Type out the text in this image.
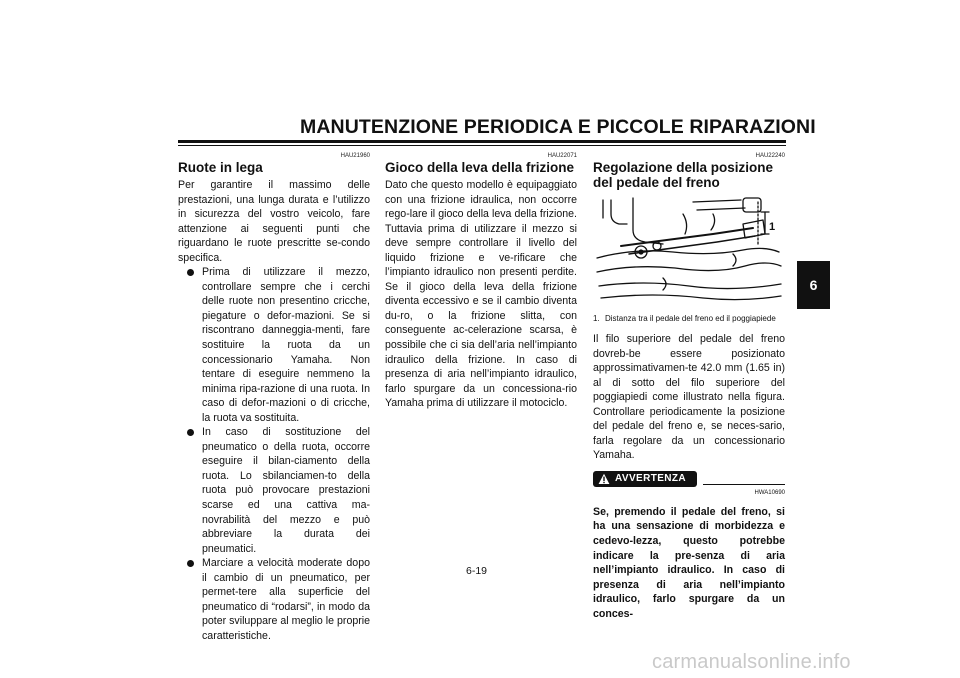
MANUTENZIONE PERIODICA E PICCOLE RIPARAZIONI
HAU21960
Ruote in lega

Per garantire il massimo delle prestazioni, una lunga durata e l’utilizzo in sicurezza del vostro veicolo, fare attenzione ai seguenti punti che riguardano le ruote prescritte se-condo specifica.

Prima di utilizzare il mezzo, controllare sempre che i cerchi delle ruote non presentino cricche, piegature o defor-mazioni. Se si riscontrano danneggia-menti, fare sostituire la ruota da un concessionario Yamaha. Non tentare di eseguire nemmeno la minima ripa-razione di una ruota. In caso di defor-mazioni o di cricche, la ruota va sostituita.
In caso di sostituzione del pneumatico o della ruota, occorre eseguire il bilan-ciamento della ruota. Lo sbilanciamen-to della ruota può provocare prestazioni scarse ed una cattiva ma-novrabilità del mezzo e può abbreviare la durata dei pneumatici.
Marciare a velocità moderate dopo il cambio di un pneumatico, per permet-tere alla superficie del pneumatico di “rodarsi”, in modo da poter sviluppare al meglio le proprie caratteristiche.
HAU22071
Gioco della leva della frizione

Dato che questo modello è equipaggiato con una frizione idraulica, non occorre rego-lare il gioco della leva della frizione. Tuttavia prima di utilizzare il mezzo si deve sempre controllare il livello del liquido frizione e ve-rificare che l’impianto idraulico non presenti perdite. Se il gioco della leva della frizione diventa eccessivo e se il cambio diventa du-ro, o la frizione slitta, con conseguente ac-celerazione scarsa, è possibile che ci sia dell’aria nell’impianto idraulico della frizione. In caso di presenza di aria nell’impianto idraulico, farlo spurgare da un concessiona-rio Yamaha prima di utilizzare il motociclo.

HAU22240
Regolazione della posizione del pedale del freno
1
1. Distanza tra il pedale del freno ed il poggiapiede

Il filo superiore del pedale del freno dovreb-be essere posizionato approssimativamen-te 42.0 mm (1.65 in) al di sotto del filo superiore del poggiapiedi come illustrato nella figura. Controllare periodicamente la posizione del pedale del freno e, se neces-sario, farla regolare da un concessionario Yamaha.

AVVERTENZA
HWA10690
Se, premendo il pedale del freno, si ha una sensazione di morbidezza e cedevo-lezza, questo potrebbe indicare la pre-senza di aria nell’impianto idraulico. In caso di presenza di aria nell’impianto idraulico, farlo spurgare da un conces-
6-19
6
carmanualsonline.info
